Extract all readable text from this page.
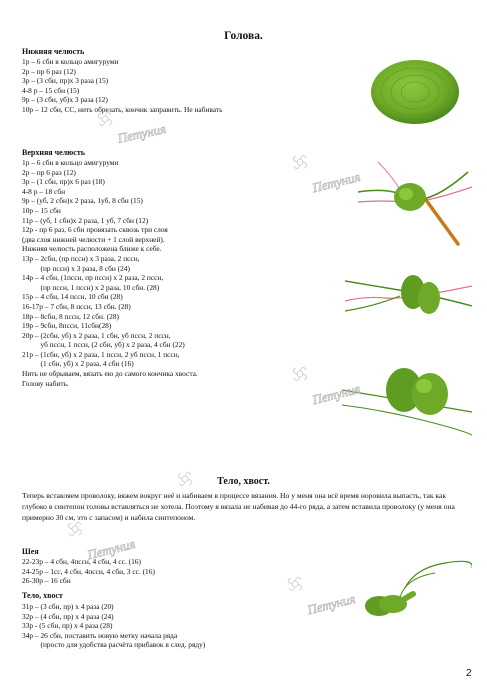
Голова.
Нижняя челюсть
1р – 6 сбн в кольцо амигуруми
2р – пр 6 раз (12)
3р – (3 сбн, пр)х 3 раза (15)
4-8 р – 15 сбн (15)
9р – (3 сбн, уб)х 3 раза (12)
10р – 12 сбн, СС, нить обрезать, кончик заправить. Не набивать
Верхняя челюсть
1р – 6 сбн в кольцо амигуруми
2р – пр 6 раз (12)
3р – (1 сбн, пр)х 6 раз (18)
4-8 р – 18 сбн
9р – (уб, 2 сбн)х 2 раза, 1уб, 8 сбн (15)
10р – 15 сбн
11р – (уб, 1 сбн)х 2 раза, 1 уб, 7 сбн (12)
12р - пр 6 раз, 6 сбн провязать сквозь три слоя
(два слоя нижней челюсти + 1 слой верхней).
Нижняя челюсть расположена ближе к себе.
13р – 2сбн, (пр псcн) х 3 раза, 2 псcн,
(пр псcн) х 3 раза, 8 сбн (24)
14р – 4 сбн, (1псcн, пр псcн) х 2 раза, 2 псcн,
(пр псcн, 1 псcн) х 2 раза, 10 сбн. (28)
15р – 4 сбн, 14 псcн, 10 сбн (28)
16-17р – 7 сбн, 8 псcн, 13 сбн. (28)
18р – 8сбн, 8 псcн, 12 сбн. (28)
19р – 9сбн, 8псcн, 11сбн(28)
20р – (2сбн, уб) х 2 раза, 1 сбн, уб псcн, 2 псcн,
уб псcн, 1 псcн, (2 сбн, уб) х 2 раза, 4 сбн (22)
21р – (1сбн, уб) х 2 раза, 1 псcн, 2 уб псcн, 1 псcн,
(1 сбн, уб) х 2 раза, 4 сбн (16)
Нить не обрываем, вязать ею до самого кончика хвоста.
Голову набить.
Тело, хвост.
Теперь вставляем проволоку, вяжем вокруг неё и набиваем в процессе вязания. Но у меня она всё время норовила выпасть, так как глубоко в синтепон головы вставляться не хотела. Поэтому я вязала не набивая до 44-го ряда, а затем вставила проволоку (у меня она примерно 30 см, это с запасом) и набила синтепоном.
Шея
22-23р – 4 сбн, 4псcн, 4 сбн, 4 сс. (16)
24-25р – 1сс, 4 сбн, 4псcн, 4 сбн, 3 сс. (16)
26-30р – 16 сбн
Тело, хвост
31р – (3 сбн, пр) х 4 раза (20)
32р – (4 сбн, пр) х 4 раза (24)
33р - (5 сбн, пр) х 4 раза (28)
34р – 26 сбн, поставить новую метку начала ряда
(просто для удобства расчёта прибавок в след. ряду)
Петуния
Петуния
Петуния
Петуния
Петуния
2
